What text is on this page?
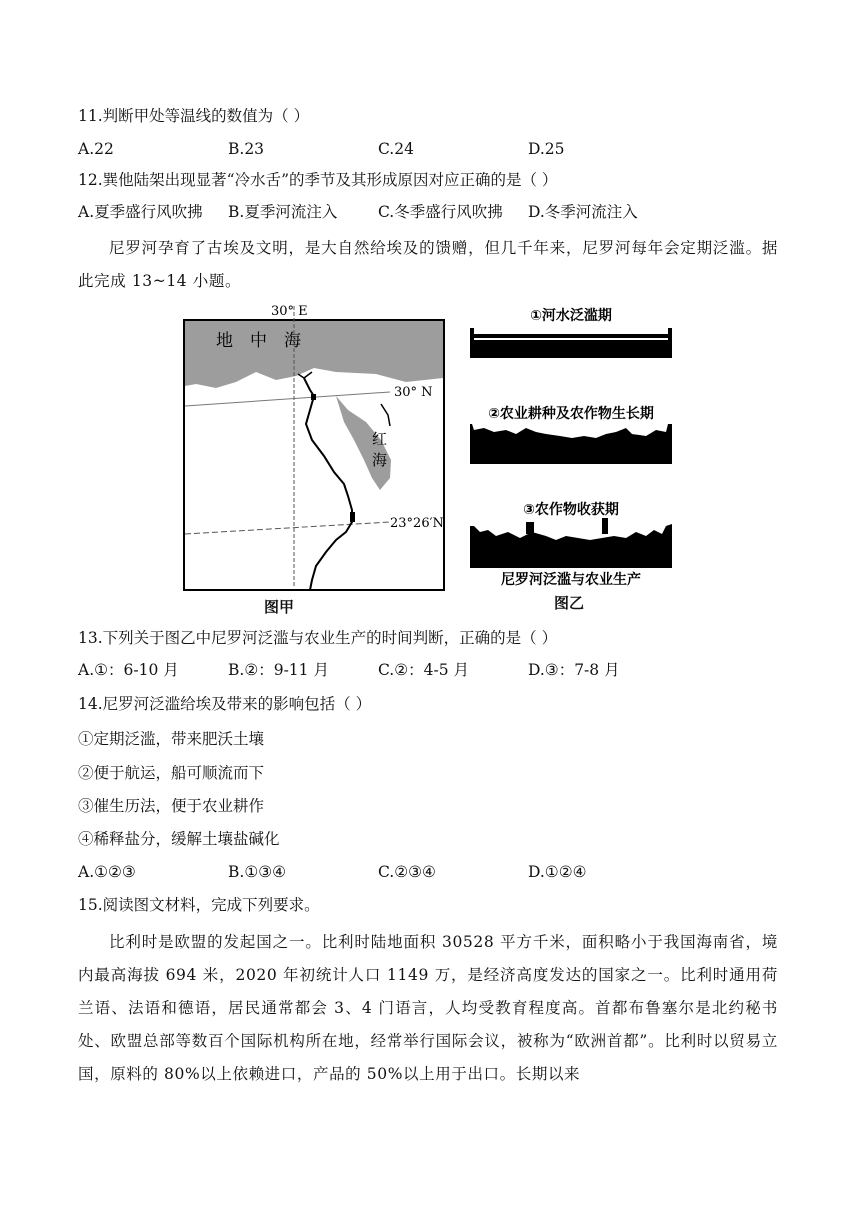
11.判断甲处等温线的数值为（ ）
A.22	B.23	C.24	D.25
12.巽他陆架出现显著“冷水舌”的季节及其形成原因对应正确的是（ ）
A.夏季盛行风吹拂 B.夏季河流注入	C.冬季盛行风吹拂 D.冬季河流注入
尼罗河孕育了古埃及文明，是大自然给埃及的馈赠，但几千年来，尼罗河每年会定期泛滥。据此完成 13~14 小题。
30° E
30° N
23°26′N
地　中　海
红
海
图甲
①河水泛滥期
②农业耕种及农作物生长期
③农作物收获期
尼罗河泛滥与农业生产
图乙
13.下列关于图乙中尼罗河泛滥与农业生产的时间判断，正确的是（ ）
A.①：6-10 月	B.②：9-11 月	C.②：4-5 月	D.③：7-8 月
14.尼罗河泛滥给埃及带来的影响包括（ ）
①定期泛滥，带来肥沃土壤
②便于航运，船可顺流而下
③催生历法，便于农业耕作
④稀释盐分，缓解土壤盐碱化
A.①②③	B.①③④	C.②③④	D.①②④
15.阅读图文材料，完成下列要求。
比利时是欧盟的发起国之一。比利时陆地面积 30528 平方千米，面积略小于我国海南省，境内最高海拔 694 米，2020 年初统计人口 1149 万，是经济高度发达的国家之一。比利时通用荷兰语、法语和德语，居民通常都会 3、4 门语言，人均受教育程度高。首都布鲁塞尔是北约秘书处、欧盟总部等数百个国际机构所在地，经常举行国际会议，被称为“欧洲首都”。比利时以贸易立国，原料的 80%以上依赖进口，产品的 50%以上用于出口。长期以来
